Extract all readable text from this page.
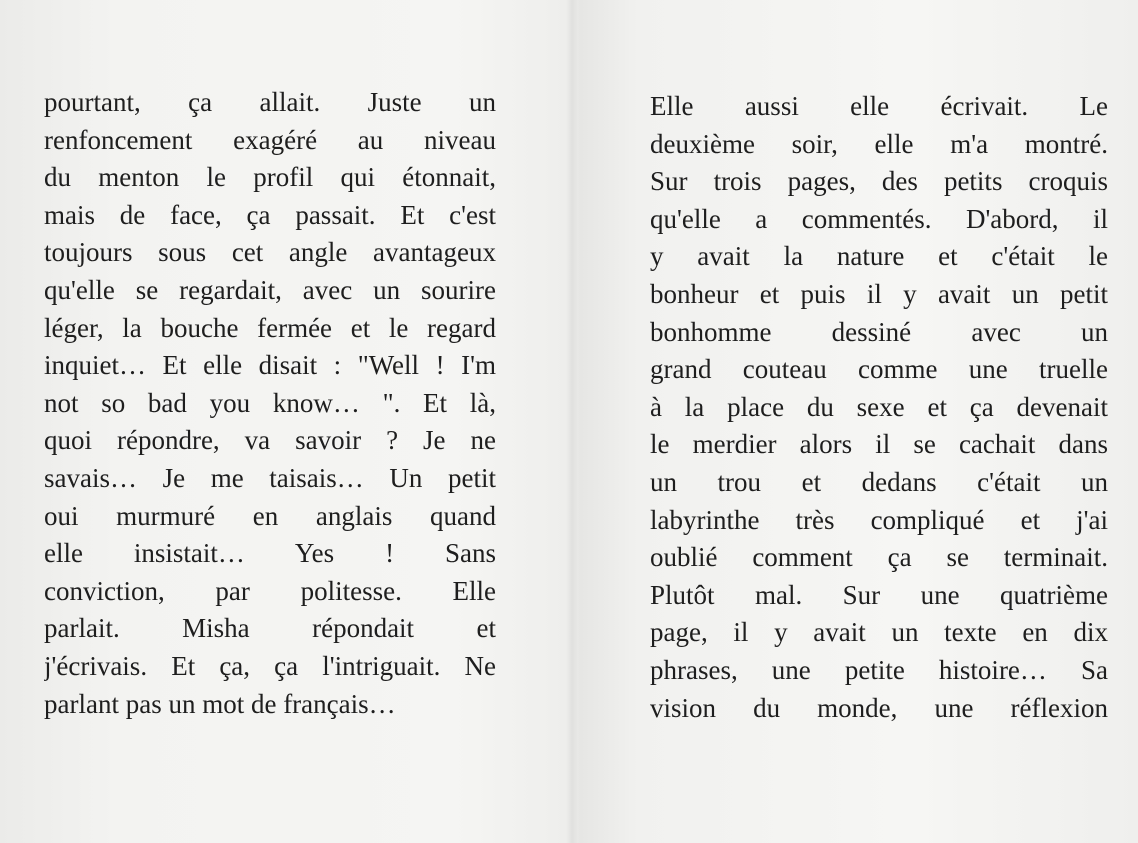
pourtant, ça allait. Juste un
renfoncement exagéré au niveau
du menton le profil qui étonnait,
mais de face, ça passait. Et c'est
toujours sous cet angle avantageux
qu'elle se regardait, avec un sourire
léger, la bouche fermée et le regard
inquiet… Et elle disait : "Well ! I'm
not so bad you know… ". Et là,
quoi répondre, va savoir ? Je ne
savais… Je me taisais… Un petit
oui murmuré en anglais quand
elle insistait… Yes ! Sans
conviction, par politesse. Elle
parlait. Misha répondait et
j'écrivais. Et ça, ça l'intriguait. Ne
parlant pas un mot de français…
Elle aussi elle écrivait. Le
deuxième soir, elle m'a montré.
Sur trois pages, des petits croquis
qu'elle a commentés. D'abord, il
y avait la nature et c'était le
bonheur et puis il y avait un petit
bonhomme dessiné avec un
grand couteau comme une truelle
à la place du sexe et ça devenait
le merdier alors il se cachait dans
un trou et dedans c'était un
labyrinthe très compliqué et j'ai
oublié comment ça se terminait.
Plutôt mal. Sur une quatrième
page, il y avait un texte en dix
phrases, une petite histoire… Sa
vision du monde, une réflexion
